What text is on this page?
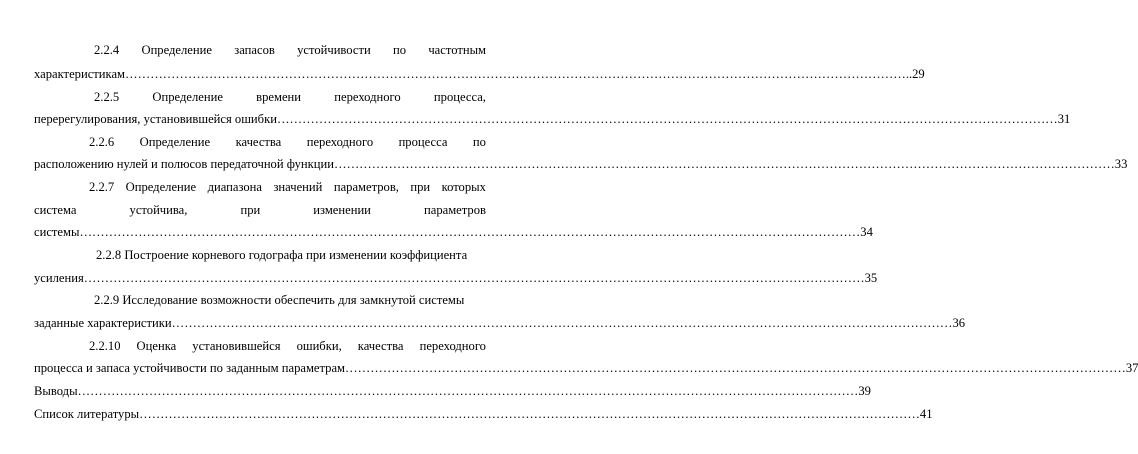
2.2.4 Определение запасов устойчивости по частотным
характеристикам …………………………………………………………………………………………………………………………………………………………………… ..29
2.2.5	Определение	времени	переходного	процесса,
перерегулирования, установившейся ошибки …………………………………………………………………………………………………………………………………………………………………… 31
2.2.6 Определение качества переходного процесса по
расположению нулей и полюсов передаточной функции …………………………………………………………………………………………………………………………………………………………………… 33
2.2.7 Определение диапазона значений параметров, при которых
система	устойчива,	при	изменении	параметров
системы …………………………………………………………………………………………………………………………………………………………………… 34
2.2.8 Построение корневого годографа при изменении коэффициента
усиления …………………………………………………………………………………………………………………………………………………………………… 35
2.2.9 Исследование возможности обеспечить для замкнутой системы
заданные характеристики …………………………………………………………………………………………………………………………………………………………………… 36
2.2.10 Оценка установившейся ошибки, качества переходного
процесса и запаса устойчивости по заданным параметрам …………………………………………………………………………………………………………………………………………………………………… 37
Выводы …………………………………………………………………………………………………………………………………………………………………… 39
Список литературы …………………………………………………………………………………………………………………………………………………………………… 41
